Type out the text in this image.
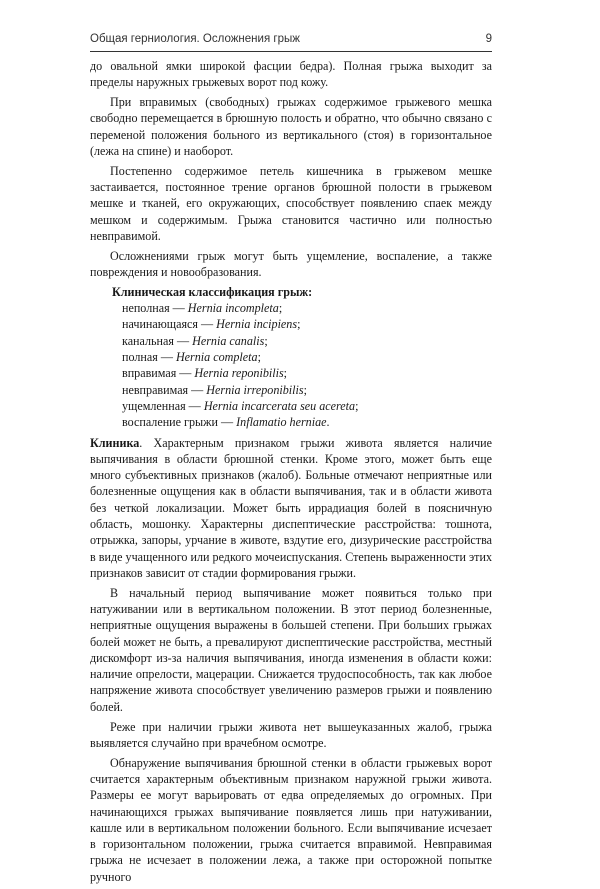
Общая герниология. Осложнения грыж	9

до овальной ямки широкой фасции бедра). Полная грыжа выходит за пределы наружных грыжевых ворот под кожу.

При вправимых (свободных) грыжах содержимое грыжевого мешка свободно перемещается в брюшную полость и обратно, что обычно связано с переменой положения больного из вертикального (стоя) в горизонтальное (лежа на спине) и наоборот.

Постепенно содержимое петель кишечника в грыжевом мешке застаивается, постоянное трение органов брюшной полости в грыжевом мешке и тканей, его окружающих, способствует появлению спаек между мешком и содержимым. Грыжа становится частично или полностью невправимой.

Осложнениями грыж могут быть ущемление, воспаление, а также повреждения и новообразования.

Клиническая классификация грыж:
неполная — Hernia incompleta;
начинающаяся — Hernia incipiens;
канальная — Hernia canalis;
полная — Hernia completa;
вправимая — Hernia reponibilis;
невправимая — Hernia irreponibilis;
ущемленная — Hernia incarcerata seu acereta;
воспаление грыжи — Inflamatio herniae.

Клиника. Характерным признаком грыжи живота является наличие выпячивания в области брюшной стенки. Кроме этого, может быть еще много субъективных признаков (жалоб). Больные отмечают неприятные или болезненные ощущения как в области выпячивания, так и в области живота без четкой локализации. Может быть иррадиация болей в поясничную область, мошонку. Характерны диспептические расстройства: тошнота, отрыжка, запоры, урчание в животе, вздутие его, дизурические расстройства в виде учащенного или редкого мочеиспускания. Степень выраженности этих признаков зависит от стадии формирования грыжи.

В начальный период выпячивание может появиться только при натуживании или в вертикальном положении. В этот период болезненные, неприятные ощущения выражены в большей степени. При больших грыжах болей может не быть, а превалируют диспептические расстройства, местный дискомфорт из-за наличия выпячивания, иногда изменения в области кожи: наличие опрелости, мацерации. Снижается трудоспособность, так как любое напряжение живота способствует увеличению размеров грыжи и появлению болей.

Реже при наличии грыжи живота нет вышеуказанных жалоб, грыжа выявляется случайно при врачебном осмотре.

Обнаружение выпячивания брюшной стенки в области грыжевых ворот считается характерным объективным признаком наружной грыжи живота. Размеры ее могут варьировать от едва определяемых до огромных. При начинающихся грыжах выпячивание появляется лишь при натуживании, кашле или в вертикальном положении больного. Если выпячивание исчезает в горизонтальном положении, грыжа считается вправимой. Невправимая грыжа не исчезает в положении лежа, а также при осторожной попытке ручного
